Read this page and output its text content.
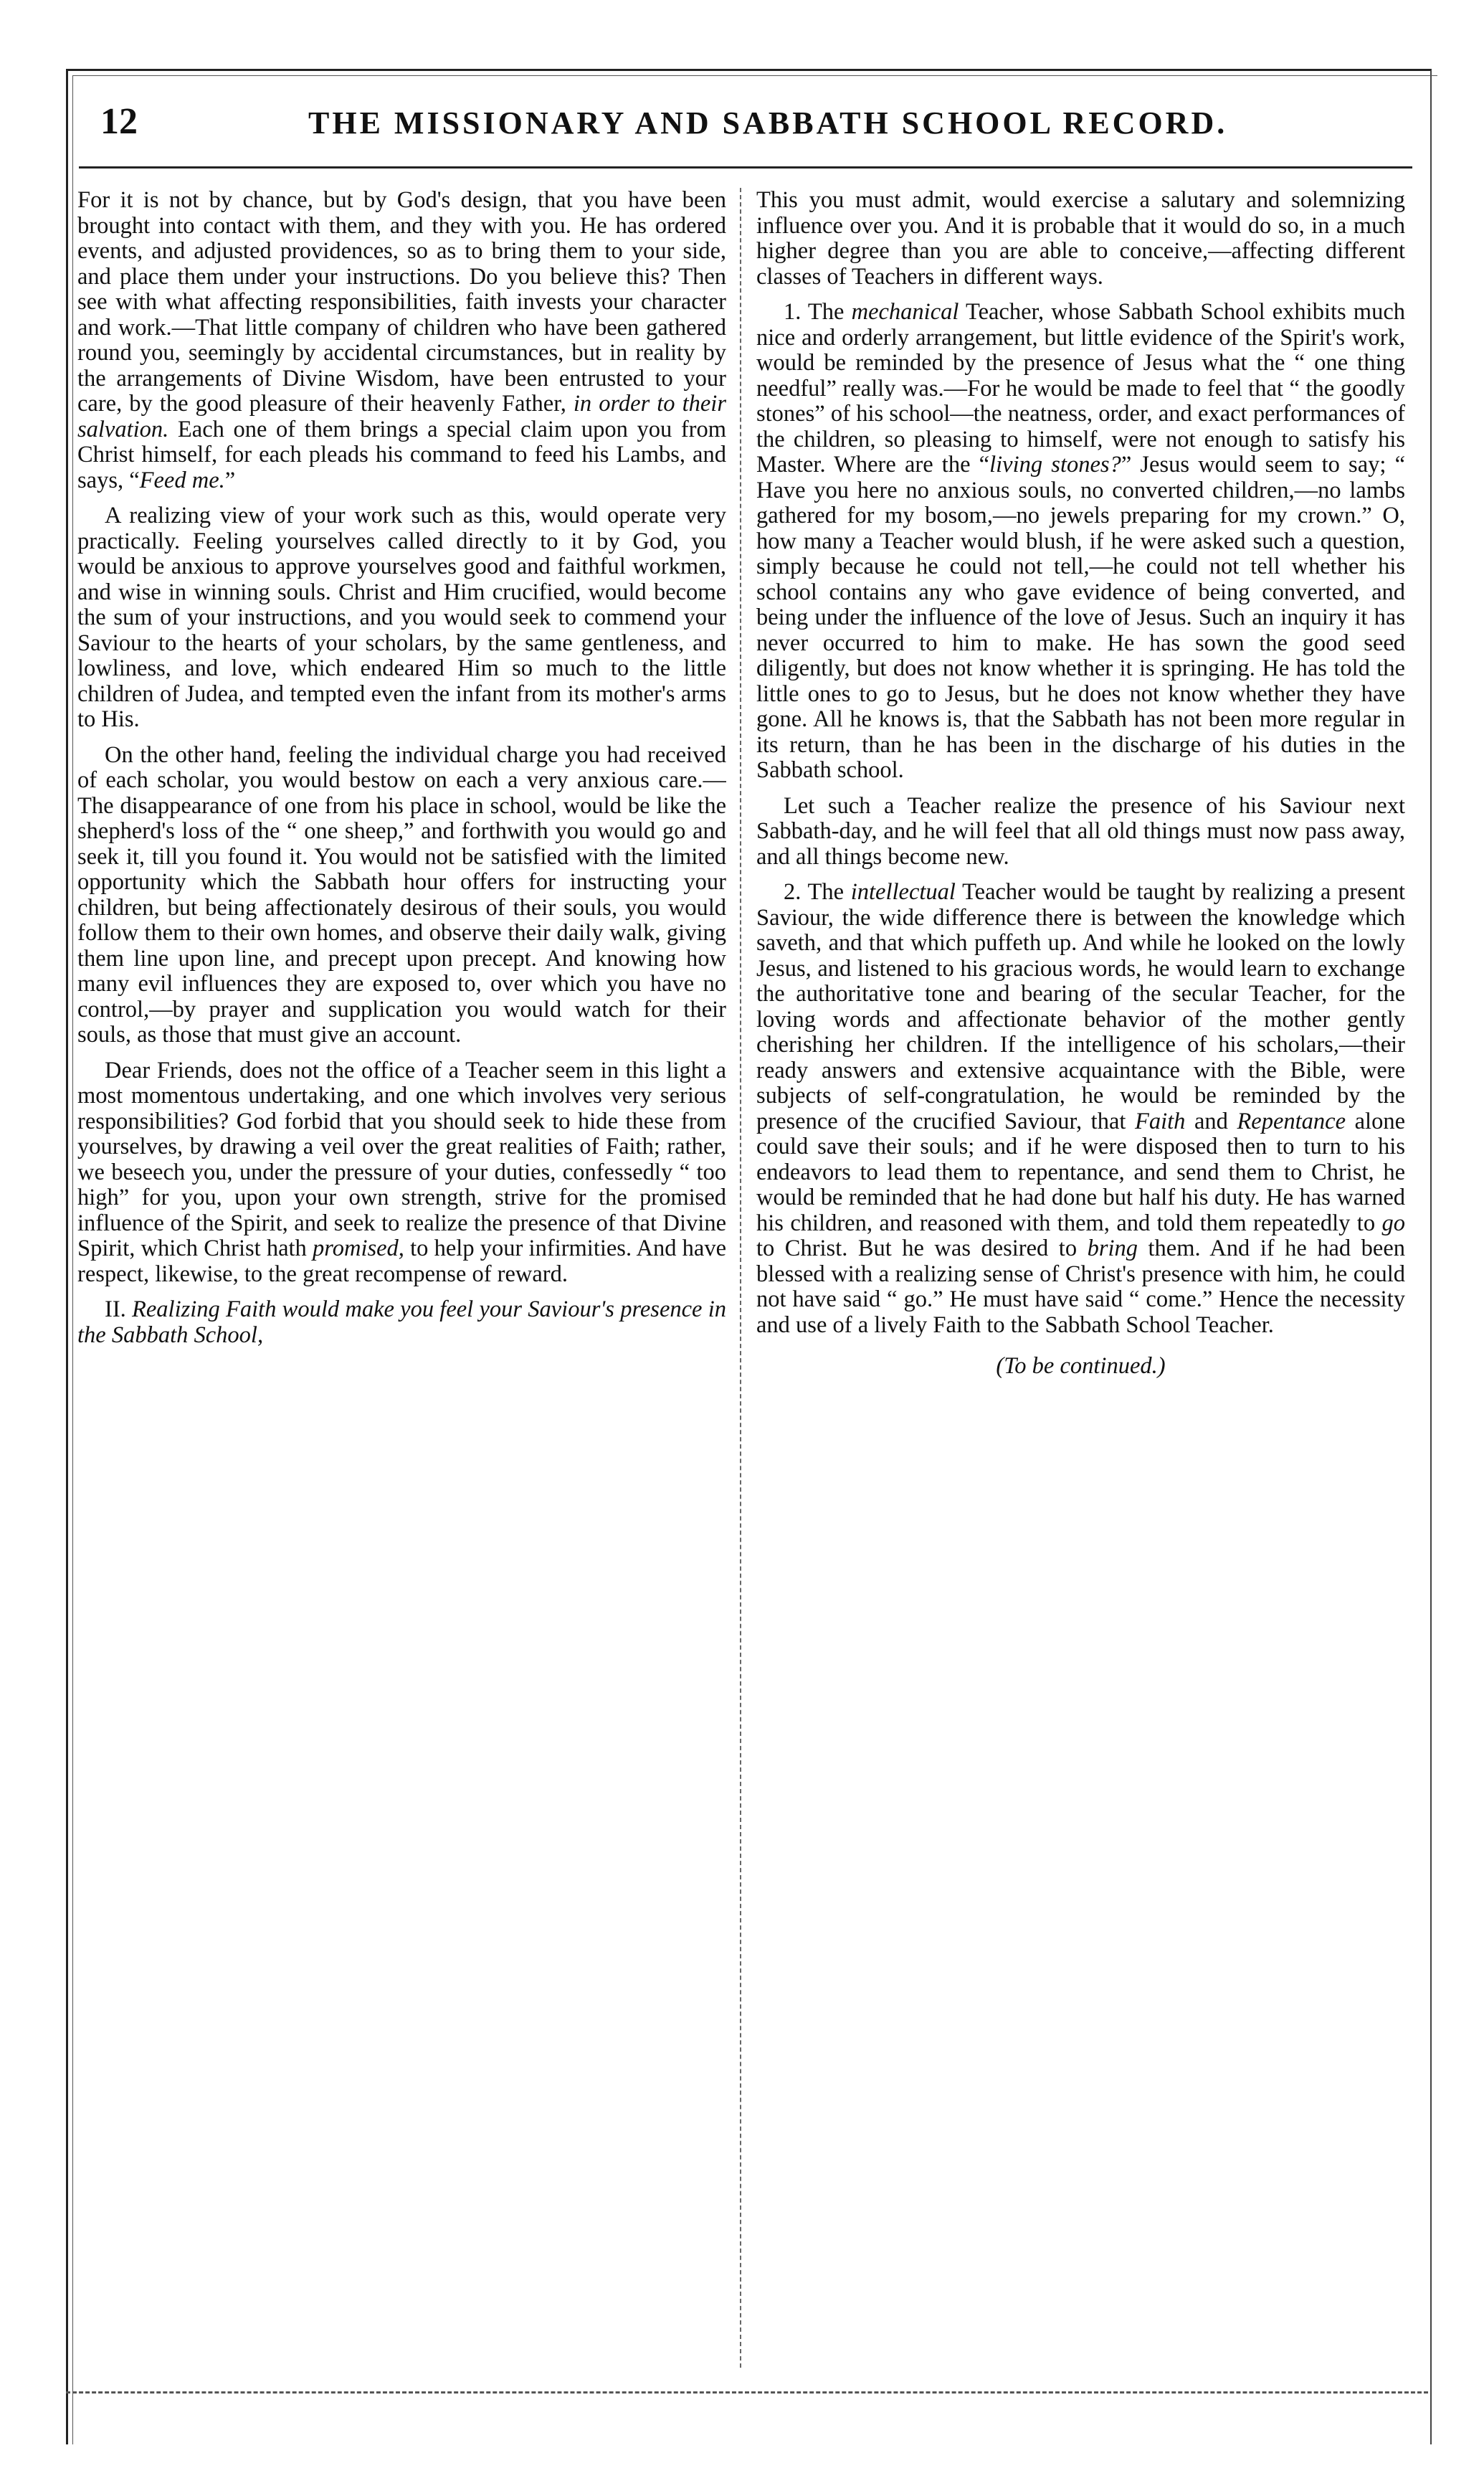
12	THE MISSIONARY AND SABBATH SCHOOL RECORD.

For it is not by chance, but by God's design, that you have been brought into contact with them, and they with you. He has ordered events, and adjusted providences, so as to bring them to your side, and place them under your instructions. Do you believe this? Then see with what affecting responsibilities, faith invests your character and work.—That little company of children who have been gathered round you, seemingly by accidental circumstances, but in reality by the arrangements of Divine Wisdom, have been entrusted to your care, by the good pleasure of their heavenly Father, in order to their salvation. Each one of them brings a special claim upon you from Christ himself, for each pleads his command to feed his Lambs, and says, “Feed me.”

A realizing view of your work such as this, would operate very practically. Feeling yourselves called directly to it by God, you would be anxious to approve yourselves good and faithful workmen, and wise in winning souls. Christ and Him crucified, would become the sum of your instructions, and you would seek to commend your Saviour to the hearts of your scholars, by the same gentleness, and lowliness, and love, which endeared Him so much to the little children of Judea, and tempted even the infant from its mother's arms to His.

On the other hand, feeling the individual charge you had received of each scholar, you would bestow on each a very anxious care.—The disappearance of one from his place in school, would be like the shepherd's loss of the “ one sheep,” and forthwith you would go and seek it, till you found it. You would not be satisfied with the limited opportunity which the Sabbath hour offers for instructing your children, but being affectionately desirous of their souls, you would follow them to their own homes, and observe their daily walk, giving them line upon line, and precept upon precept. And knowing how many evil influences they are exposed to, over which you have no control,—by prayer and supplication you would watch for their souls, as those that must give an account.

Dear Friends, does not the office of a Teacher seem in this light a most momentous undertaking, and one which involves very serious responsibilities? God forbid that you should seek to hide these from yourselves, by drawing a veil over the great realities of Faith; rather, we beseech you, under the pressure of your duties, confessedly “ too high” for you, upon your own strength, strive for the promised influence of the Spirit, and seek to realize the presence of that Divine Spirit, which Christ hath promised, to help your infirmities. And have respect, likewise, to the great recompense of reward.

II. Realizing Faith would make you feel your Saviour's presence in the Sabbath School,

This you must admit, would exercise a salutary and solemnizing influence over you. And it is probable that it would do so, in a much higher degree than you are able to conceive,—affecting different classes of Teachers in different ways.

1. The mechanical Teacher, whose Sabbath School exhibits much nice and orderly arrangement, but little evidence of the Spirit's work, would be reminded by the presence of Jesus what the “ one thing needful” really was.—For he would be made to feel that “ the goodly stones” of his school—the neatness, order, and exact performances of the children, so pleasing to himself, were not enough to satisfy his Master. Where are the “living stones?” Jesus would seem to say; “ Have you here no anxious souls, no converted children,—no lambs gathered for my bosom,—no jewels preparing for my crown.” O, how many a Teacher would blush, if he were asked such a question, simply because he could not tell,—he could not tell whether his school contains any who gave evidence of being converted, and being under the influence of the love of Jesus. Such an inquiry it has never occurred to him to make. He has sown the good seed diligently, but does not know whether it is springing. He has told the little ones to go to Jesus, but he does not know whether they have gone. All he knows is, that the Sabbath has not been more regular in its return, than he has been in the discharge of his duties in the Sabbath school.

Let such a Teacher realize the presence of his Saviour next Sabbath-day, and he will feel that all old things must now pass away, and all things become new.

2. The intellectual Teacher would be taught by realizing a present Saviour, the wide difference there is between the knowledge which saveth, and that which puffeth up. And while he looked on the lowly Jesus, and listened to his gracious words, he would learn to exchange the authoritative tone and bearing of the secular Teacher, for the loving words and affectionate behavior of the mother gently cherishing her children. If the intelligence of his scholars,—their ready answers and extensive acquaintance with the Bible, were subjects of self-congratulation, he would be reminded by the presence of the crucified Saviour, that Faith and Repentance alone could save their souls; and if he were disposed then to turn to his endeavors to lead them to repentance, and send them to Christ, he would be reminded that he had done but half his duty. He has warned his children, and reasoned with them, and told them repeatedly to go to Christ. But he was desired to bring them. And if he had been blessed with a realizing sense of Christ's presence with him, he could not have said “ go.” He must have said “ come.” Hence the necessity and use of a lively Faith to the Sabbath School Teacher.

(To be continued.)
